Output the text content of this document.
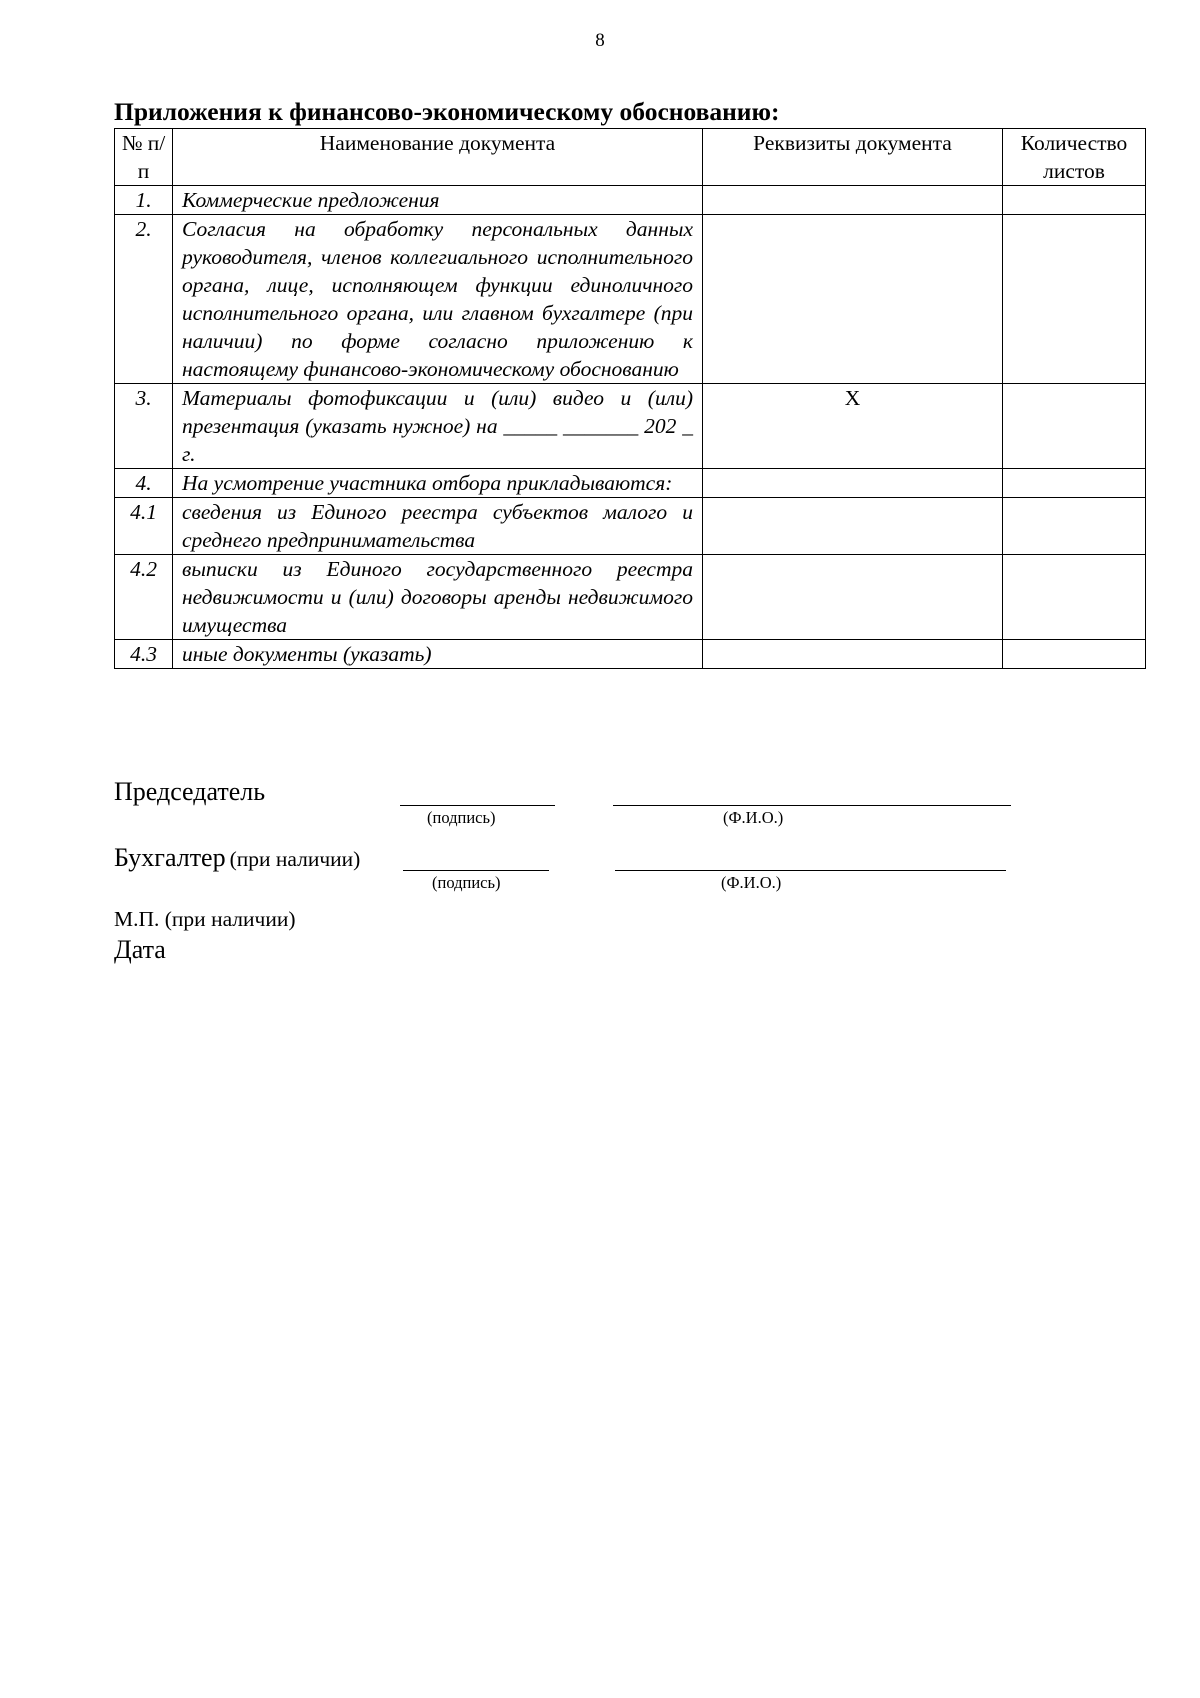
8
Приложения к финансово-экономическому обоснованию:
№ п/п	Наименование документа	Реквизиты документа	Количество листов
1.	Коммерческие предложения		
2.	Согласия на обработку персональных данных руководителя, членов коллегиального исполнительного органа, лице, исполняющем функции единоличного исполнительного органа, или главном бухгалтере (при наличии) по форме согласно приложению к настоящему финансово-экономическому обоснованию		
3.	Материалы фотофиксации и (или) видео и (или) презентация (указать нужное) на _____ _______ 202 _ г.	Х	
4.	На усмотрение участника отбора прикладываются:		
4.1	сведения из Единого реестра субъектов малого и среднего предпринимательства		
4.2	выписки из Единого государственного реестра недвижимости и (или) договоры аренды недвижимого имущества		
4.3	иные документы (указать)		
Председатель
(подпись)	(Ф.И.О.)
Бухгалтер (при наличии)
(подпись)	(Ф.И.О.)
М.П. (при наличии)
Дата
